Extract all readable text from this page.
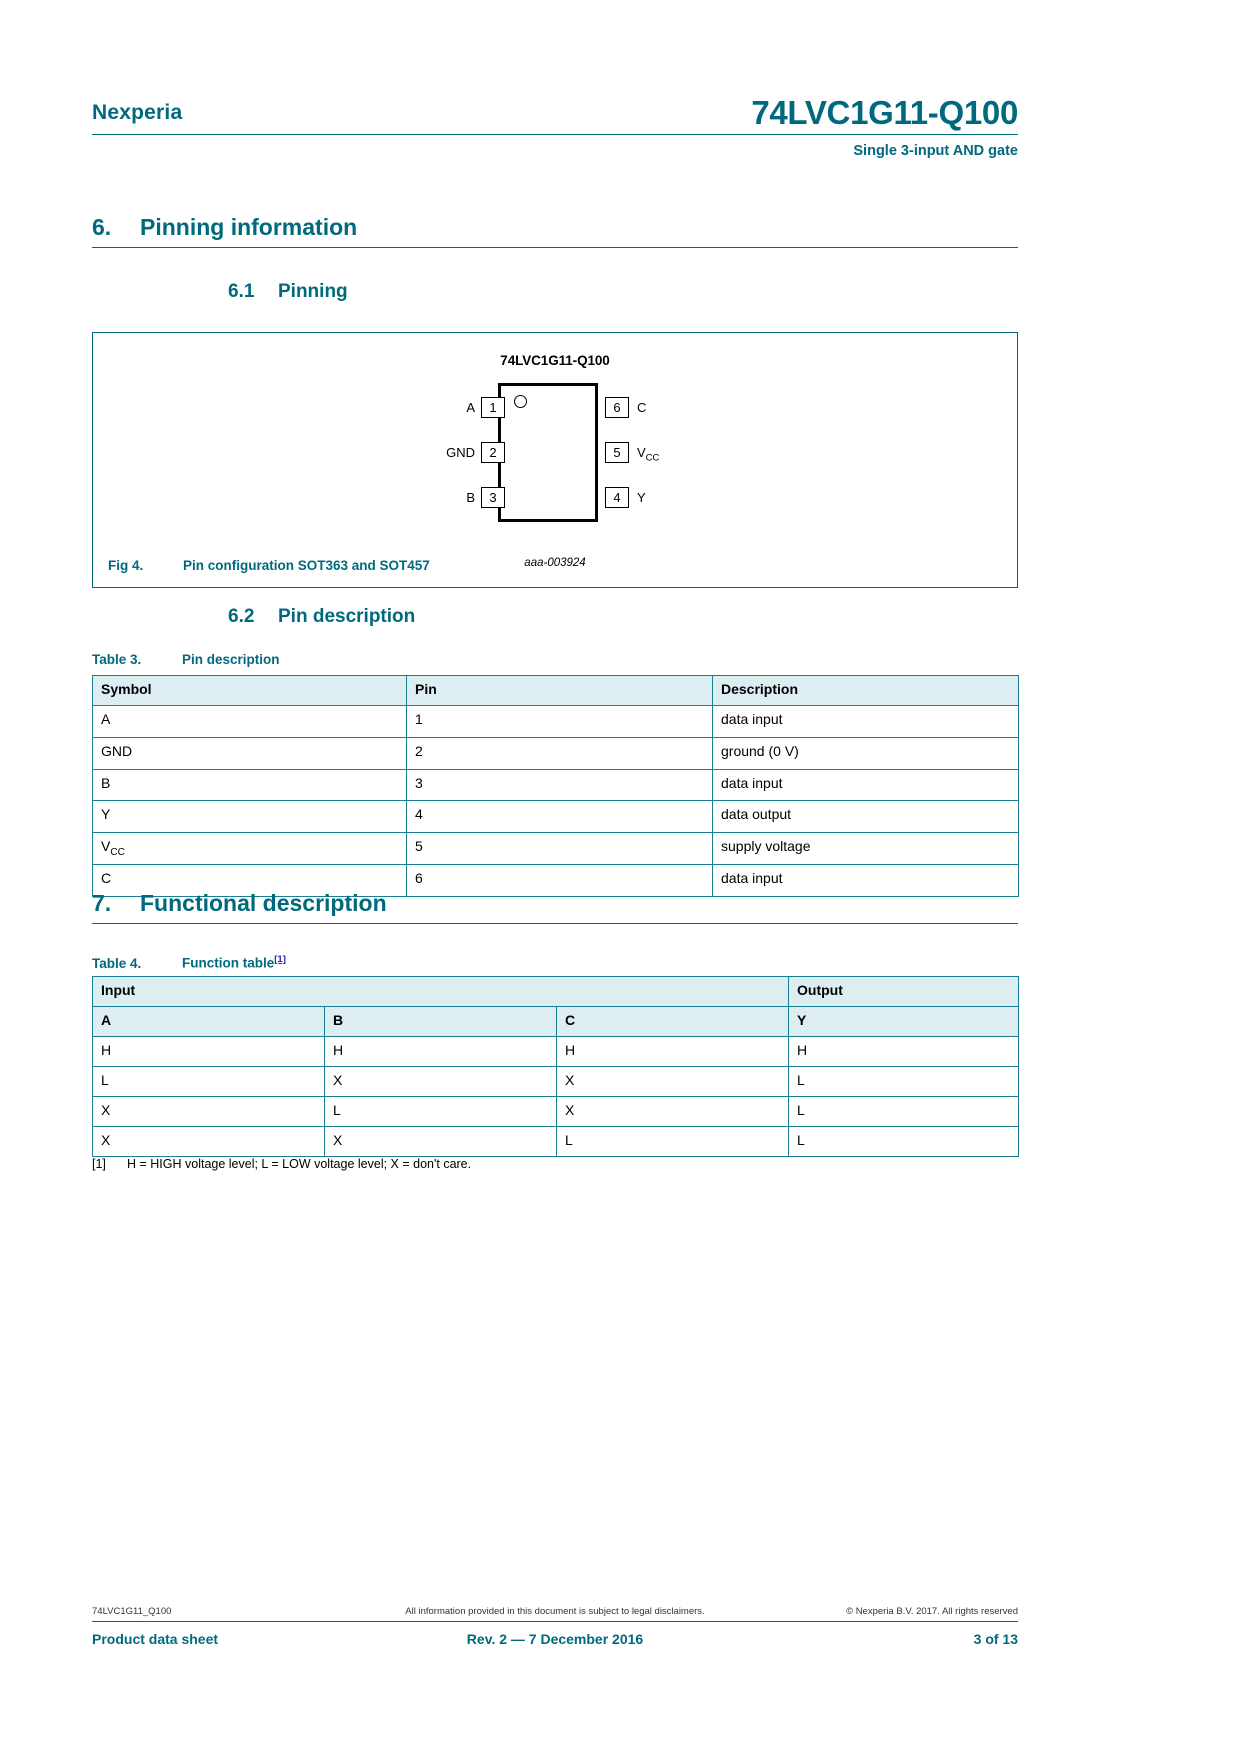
Nexperia	74LVC1G11-Q100
Single 3-input AND gate
6.	Pinning information
6.1 Pinning
74LVC1G11-Q100
A	1
GND	2
B	3
6	C
5	$V_{CC}$
4	Y
aaa-003924
Fig 4.	Pin configuration SOT363 and SOT457
6.2 Pin description
Table 3.	Pin description
Symbol	Pin	Description
A	1	data input
GND	2	ground (0 V)
B	3	data input
Y	4	data output
$V_{CC}$	5	supply voltage
C	6	data input
7.	Functional description
Table 4.	Function table[1]
Input			Output
A	B	C	Y
H	H	H	H
L	X	X	L
X	L	X	L
X	X	L	L
[1] H = HIGH voltage level; L = LOW voltage level; X = don't care.
74LVC1G11_Q100	All information provided in this document is subject to legal disclaimers.	© Nexperia B.V. 2017. All rights reserved
Product data sheet	Rev. 2 — 7 December 2016	3 of 13
